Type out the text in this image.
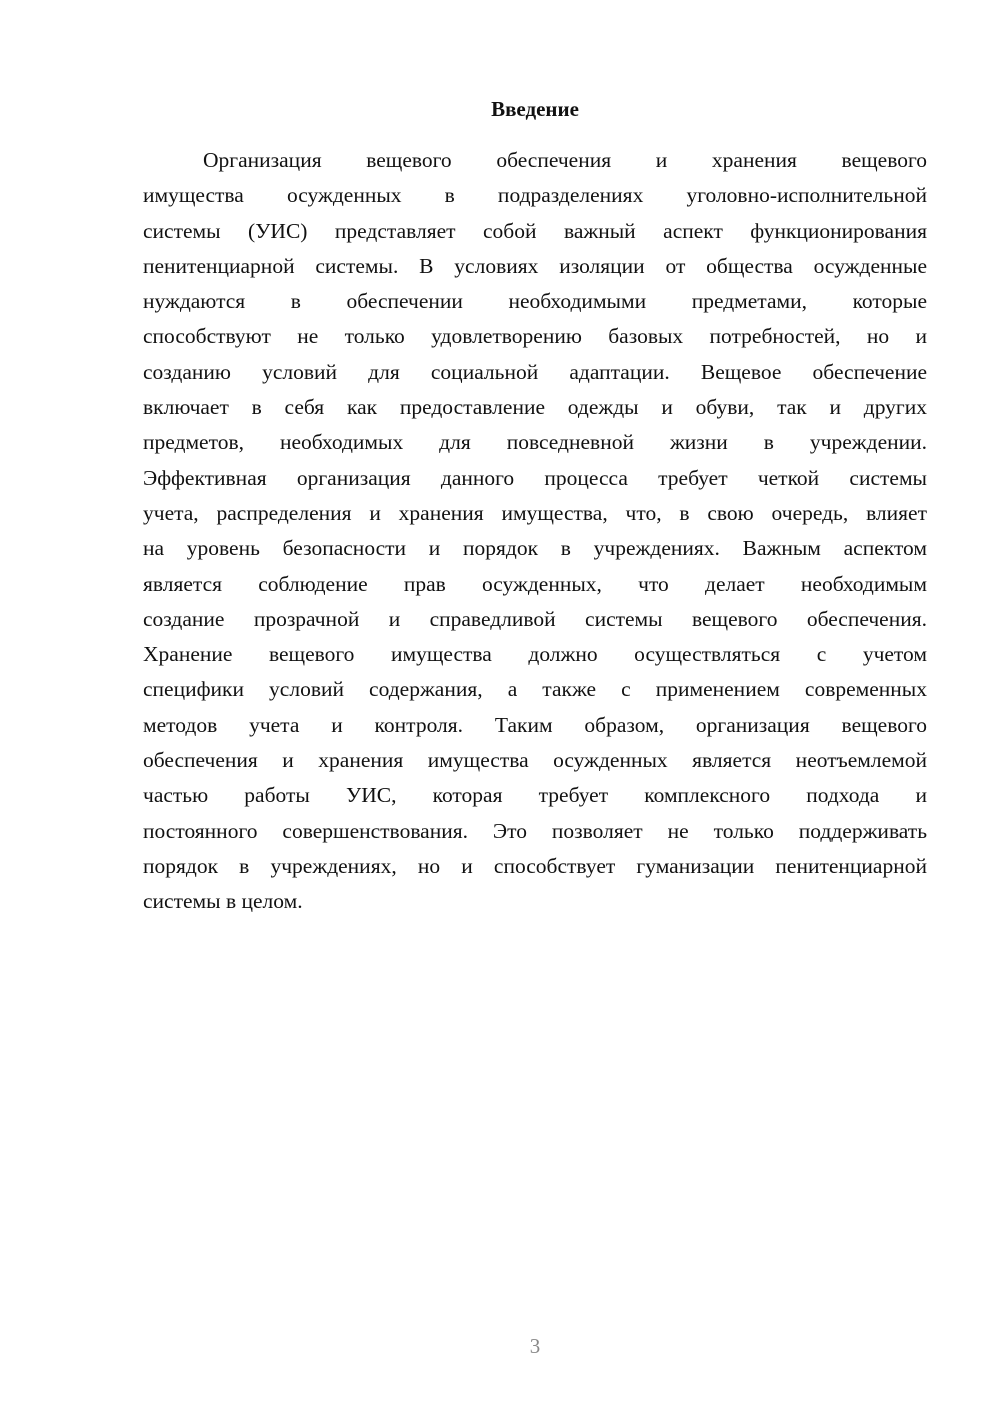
Введение
Организация вещевого обеспечения и хранения вещевого
имущества осужденных в подразделениях уголовно-исполнительной
системы (УИС) представляет собой важный аспект функционирования
пенитенциарной системы. В условиях изоляции от общества осужденные
нуждаются в обеспечении необходимыми предметами, которые
способствуют не только удовлетворению базовых потребностей, но и
созданию условий для социальной адаптации. Вещевое обеспечение
включает в себя как предоставление одежды и обуви, так и других
предметов, необходимых для повседневной жизни в учреждении.
Эффективная организация данного процесса требует четкой системы
учета, распределения и хранения имущества, что, в свою очередь, влияет
на уровень безопасности и порядок в учреждениях. Важным аспектом
является соблюдение прав осужденных, что делает необходимым
создание прозрачной и справедливой системы вещевого обеспечения.
Хранение вещевого имущества должно осуществляться с учетом
специфики условий содержания, а также с применением современных
методов учета и контроля. Таким образом, организация вещевого
обеспечения и хранения имущества осужденных является неотъемлемой
частью работы УИС, которая требует комплексного подхода и
постоянного совершенствования. Это позволяет не только поддерживать
порядок в учреждениях, но и способствует гуманизации пенитенциарной
системы в целом.
3
